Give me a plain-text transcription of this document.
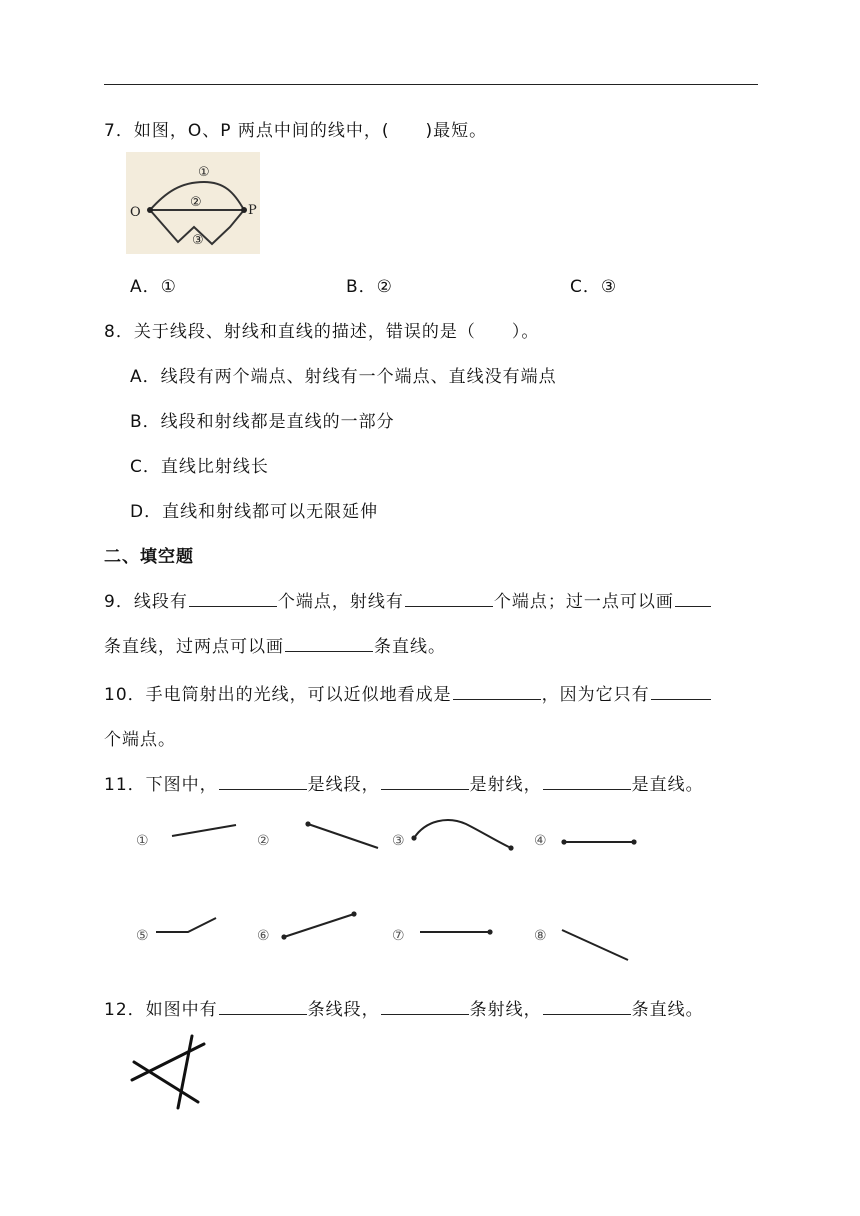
7．如图，O、P 两点中间的线中，(　　)最短。
O	P
①
②
③
A．①	B．②	C．③
8．关于线段、射线和直线的描述，错误的是（　　）。
A．线段有两个端点、射线有一个端点、直线没有端点
B．线段和射线都是直线的一部分
C．直线比射线长
D．直线和射线都可以无限延伸
二、填空题
9．线段有	个端点，射线有	个端点；过一点可以画
条直线，过两点可以画	条直线。
10．手电筒射出的光线，可以近似地看成是	，因为它只有
个端点。
11．下图中，	是线段，	是射线，	是直线。
①	②	③	④
⑤	⑥	⑦	⑧
12．如图中有	条线段，	条射线，	条直线。
